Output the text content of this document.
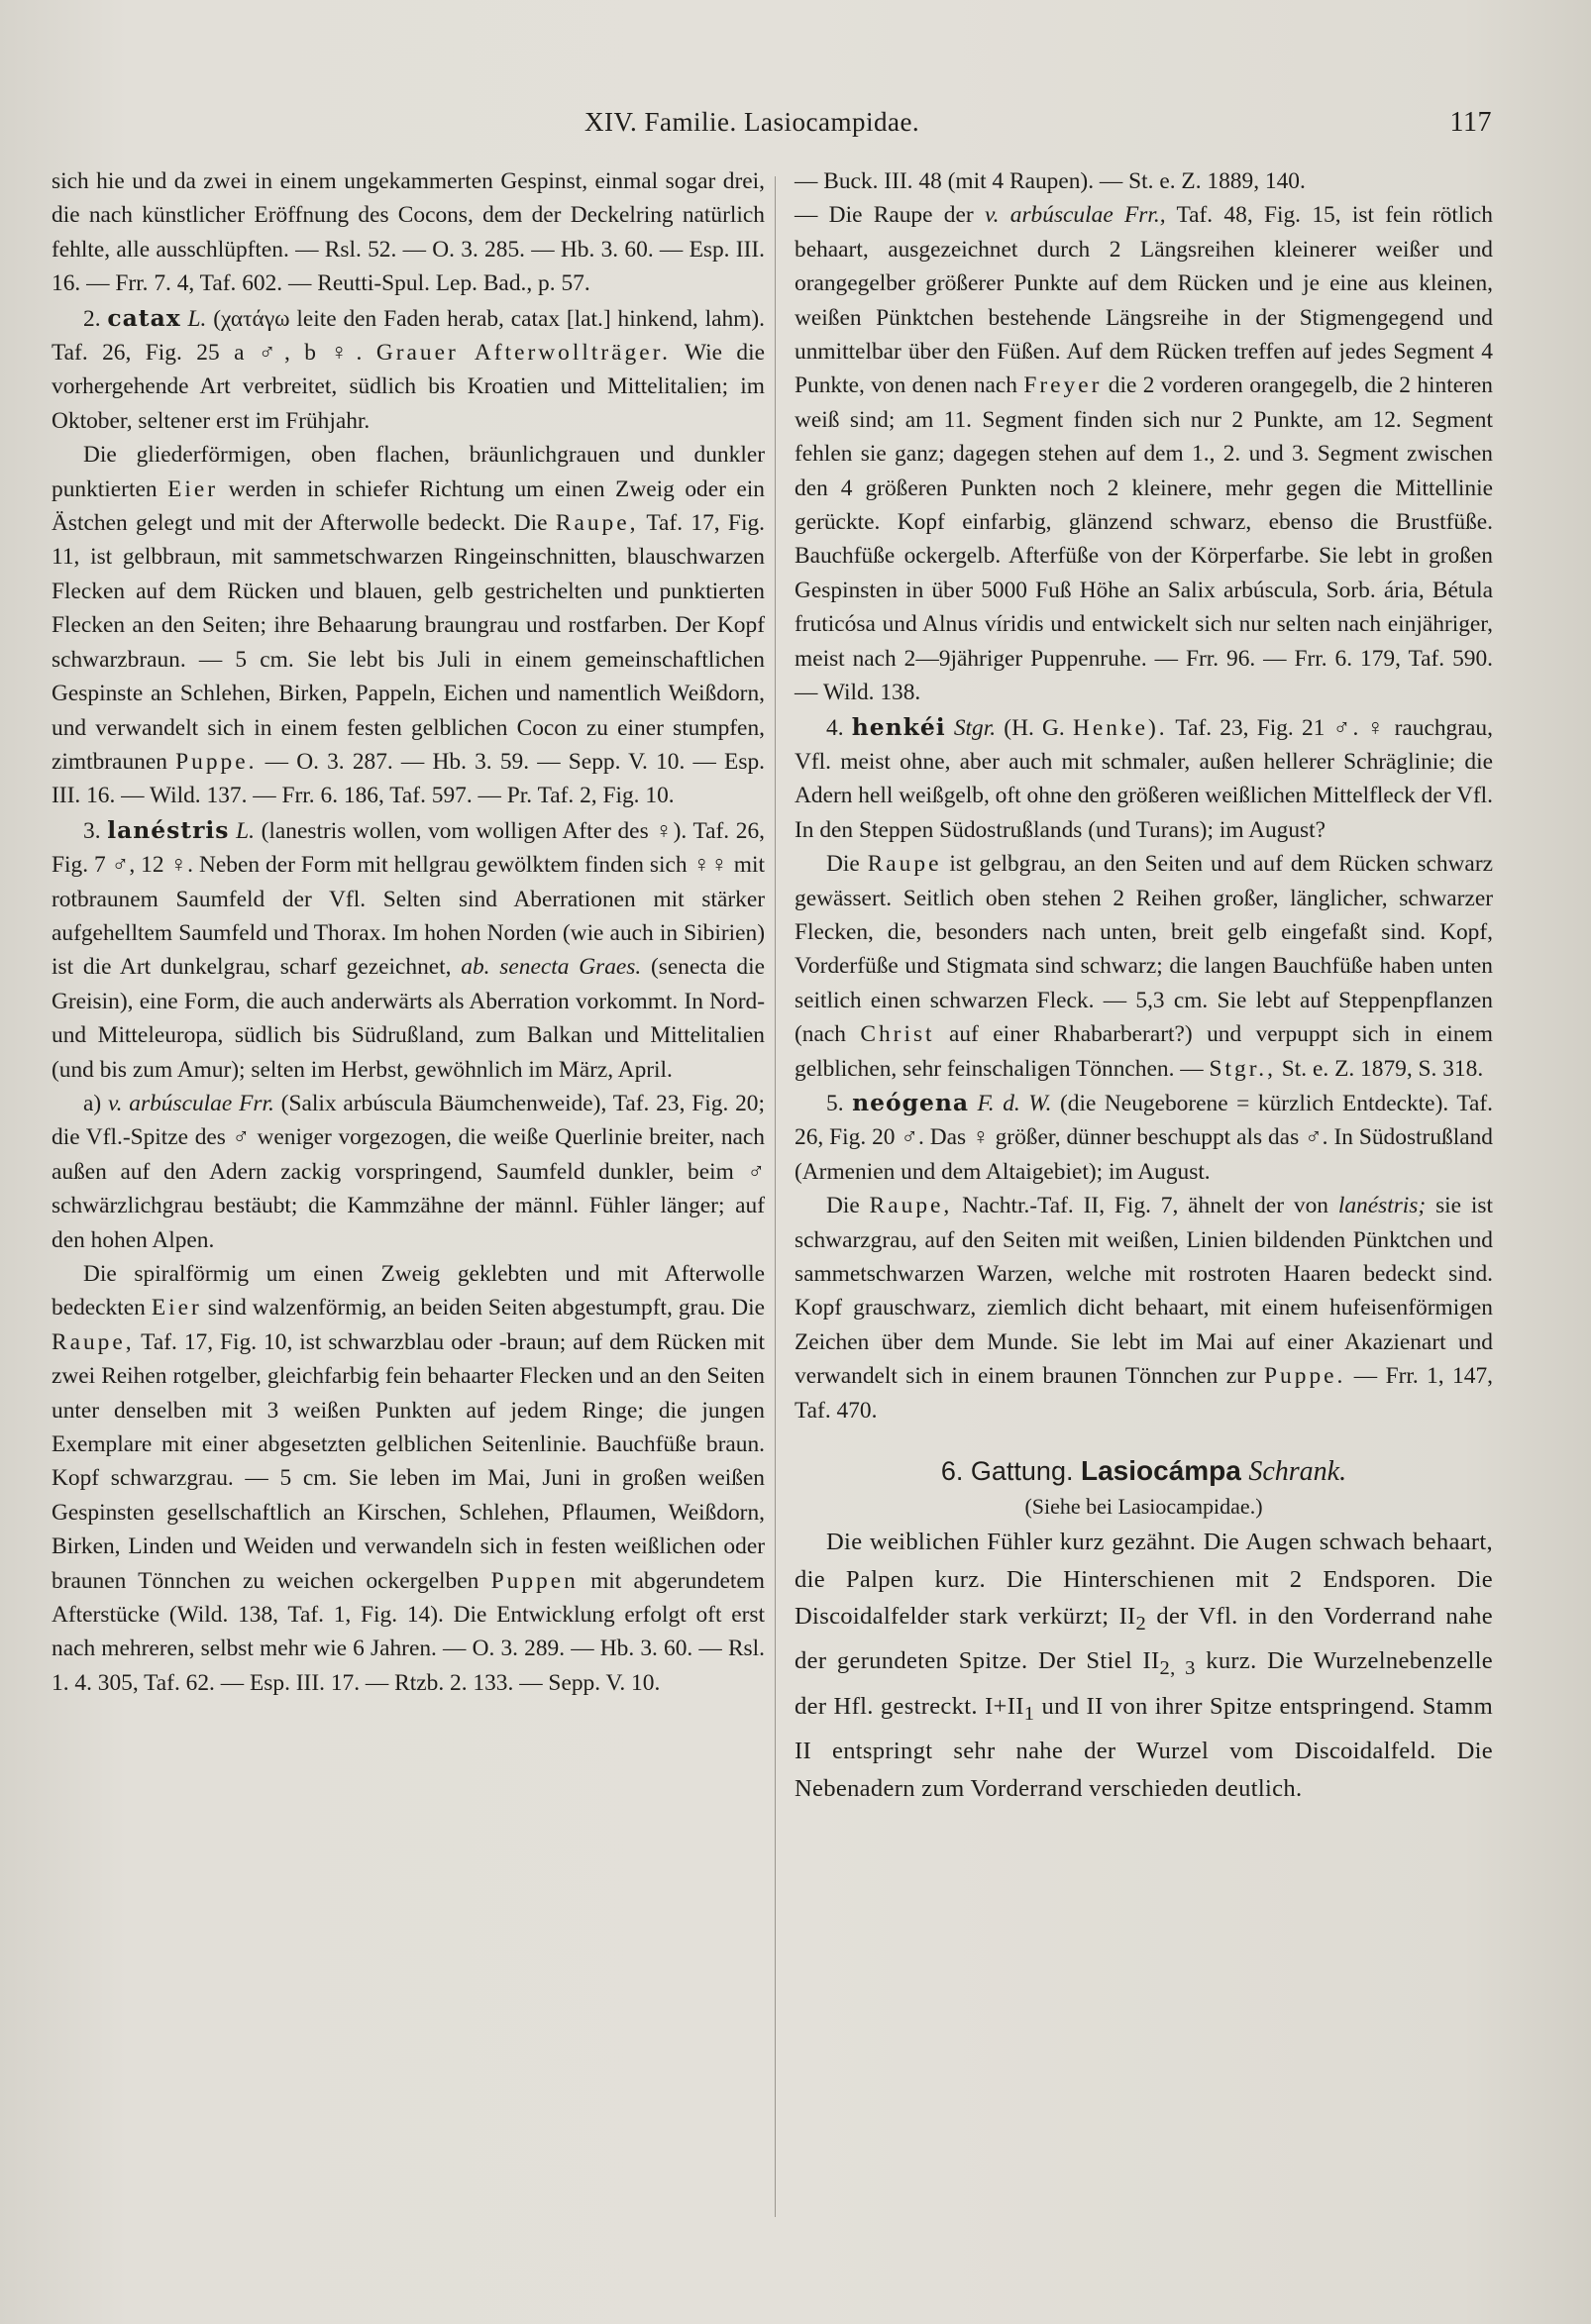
XIV. Familie. Lasiocampidae.	117

sich hie und da zwei in einem ungekammerten Gespinst, einmal sogar drei, die nach künstlicher Eröffnung des Cocons, dem der Deckelring natürlich fehlte, alle ausschlüpften. — Rsl. 52. — O. 3. 285. — Hb. 3. 60. — Esp. III. 16. — Frr. 7. 4, Taf. 602. — Reutti-Spul. Lep. Bad., p. 57.

2. catax L. (χατάγω leite den Faden herab, catax [lat.] hinkend, lahm). Taf. 26, Fig. 25 a ♂, b ♀. Grauer Afterwollträger. Wie die vorhergehende Art verbreitet, südlich bis Kroatien und Mittelitalien; im Oktober, seltener erst im Frühjahr.

Die gliederförmigen, oben flachen, bräunlichgrauen und dunkler punktierten Eier werden in schiefer Richtung um einen Zweig oder ein Ästchen gelegt und mit der Afterwolle bedeckt. Die Raupe, Taf. 17, Fig. 11, ist gelbbraun, mit sammetschwarzen Ringeinschnitten, blauschwarzen Flecken auf dem Rücken und blauen, gelb gestrichelten und punktierten Flecken an den Seiten; ihre Behaarung braungrau und rostfarben. Der Kopf schwarzbraun. — 5 cm. Sie lebt bis Juli in einem gemeinschaftlichen Gespinste an Schlehen, Birken, Pappeln, Eichen und namentlich Weißdorn, und verwandelt sich in einem festen gelblichen Cocon zu einer stumpfen, zimtbraunen Puppe. — O. 3. 287. — Hb. 3. 59. — Sepp. V. 10. — Esp. III. 16. — Wild. 137. — Frr. 6. 186, Taf. 597. — Pr. Taf. 2, Fig. 10.

3. lanéstris L. (lanestris wollen, vom wolligen After des ♀). Taf. 26, Fig. 7 ♂, 12 ♀. Neben der Form mit hellgrau gewölktem finden sich ♀♀ mit rotbraunem Saumfeld der Vfl. Selten sind Aberrationen mit stärker aufgehelltem Saumfeld und Thorax. Im hohen Norden (wie auch in Sibirien) ist die Art dunkelgrau, scharf gezeichnet, ab. senecta Graes. (senecta die Greisin), eine Form, die auch anderwärts als Aberration vorkommt. In Nord- und Mitteleuropa, südlich bis Südrußland, zum Balkan und Mittelitalien (und bis zum Amur); selten im Herbst, gewöhnlich im März, April.

a) v. arbúsculae Frr. (Salix arbúscula Bäumchenweide), Taf. 23, Fig. 20; die Vfl.-Spitze des ♂ weniger vorgezogen, die weiße Querlinie breiter, nach außen auf den Adern zackig vorspringend, Saumfeld dunkler, beim ♂ schwärzlichgrau bestäubt; die Kammzähne der männl. Fühler länger; auf den hohen Alpen.

Die spiralförmig um einen Zweig geklebten und mit Afterwolle bedeckten Eier sind walzenförmig, an beiden Seiten abgestumpft, grau. Die Raupe, Taf. 17, Fig. 10, ist schwarzblau oder -braun; auf dem Rücken mit zwei Reihen rotgelber, gleichfarbig fein behaarter Flecken und an den Seiten unter denselben mit 3 weißen Punkten auf jedem Ringe; die jungen Exemplare mit einer abgesetzten gelblichen Seitenlinie. Bauchfüße braun. Kopf schwarzgrau. — 5 cm. Sie leben im Mai, Juni in großen weißen Gespinsten gesellschaftlich an Kirschen, Schlehen, Pflaumen, Weißdorn, Birken, Linden und Weiden und verwandeln sich in festen weißlichen oder braunen Tönnchen zu weichen ockergelben Puppen mit abgerundetem Afterstücke (Wild. 138, Taf. 1, Fig. 14). Die Entwicklung erfolgt oft erst nach mehreren, selbst mehr wie 6 Jahren. — O. 3. 289. — Hb. 3. 60. — Rsl. 1. 4. 305, Taf. 62. — Esp. III. 17. — Rtzb. 2. 133. — Sepp. V. 10.

— Buck. III. 48 (mit 4 Raupen). — St. e. Z. 1889, 140.

— Die Raupe der v. arbúsculae Frr., Taf. 48, Fig. 15, ist fein rötlich behaart, ausgezeichnet durch 2 Längsreihen kleinerer weißer und orangegelber größerer Punkte auf dem Rücken und je eine aus kleinen, weißen Pünktchen bestehende Längsreihe in der Stigmengegend und unmittelbar über den Füßen. Auf dem Rücken treffen auf jedes Segment 4 Punkte, von denen nach Freyer die 2 vorderen orangegelb, die 2 hinteren weiß sind; am 11. Segment finden sich nur 2 Punkte, am 12. Segment fehlen sie ganz; dagegen stehen auf dem 1., 2. und 3. Segment zwischen den 4 größeren Punkten noch 2 kleinere, mehr gegen die Mittellinie gerückte. Kopf einfarbig, glänzend schwarz, ebenso die Brustfüße. Bauchfüße ockergelb. Afterfüße von der Körperfarbe. Sie lebt in großen Gespinsten in über 5000 Fuß Höhe an Salix arbúscula, Sorb. ária, Bétula fruticósa und Alnus víridis und entwickelt sich nur selten nach einjähriger, meist nach 2—9jähriger Puppenruhe. — Frr. 96. — Frr. 6. 179, Taf. 590. — Wild. 138.

4. henkéi Stgr. (H. G. Henke). Taf. 23, Fig. 21 ♂. ♀ rauchgrau, Vfl. meist ohne, aber auch mit schmaler, außen hellerer Schräglinie; die Adern hell weißgelb, oft ohne den größeren weißlichen Mittelfleck der Vfl. In den Steppen Südostrußlands (und Turans); im August?

Die Raupe ist gelbgrau, an den Seiten und auf dem Rücken schwarz gewässert. Seitlich oben stehen 2 Reihen großer, länglicher, schwarzer Flecken, die, besonders nach unten, breit gelb eingefaßt sind. Kopf, Vorderfüße und Stigmata sind schwarz; die langen Bauchfüße haben unten seitlich einen schwarzen Fleck. — 5,3 cm. Sie lebt auf Steppenpflanzen (nach Christ auf einer Rhabarberart?) und verpuppt sich in einem gelblichen, sehr feinschaligen Tönnchen. — Stgr., St. e. Z. 1879, S. 318.

5. neógena F. d. W. (die Neugeborene = kürzlich Entdeckte). Taf. 26, Fig. 20 ♂. Das ♀ größer, dünner beschuppt als das ♂. In Südostrußland (Armenien und dem Altaigebiet); im August.

Die Raupe, Nachtr.-Taf. II, Fig. 7, ähnelt der von lanéstris; sie ist schwarzgrau, auf den Seiten mit weißen, Linien bildenden Pünktchen und sammetschwarzen Warzen, welche mit rostroten Haaren bedeckt sind. Kopf grauschwarz, ziemlich dicht behaart, mit einem hufeisenförmigen Zeichen über dem Munde. Sie lebt im Mai auf einer Akazienart und verwandelt sich in einem braunen Tönnchen zur Puppe. — Frr. 1, 147, Taf. 470.

6. Gattung. Lasiocámpa Schrank.
(Siehe bei Lasiocampidae.)

Die weiblichen Fühler kurz gezähnt. Die Augen schwach behaart, die Palpen kurz. Die Hinterschienen mit 2 Endsporen. Die Discoidalfelder stark verkürzt; $II_2$ der Vfl. in den Vorderrand nahe der gerundeten Spitze. Der Stiel $II_{2, 3}$ kurz. Die Wurzelnebenzelle der Hfl. gestreckt. $I+II_1$ und II von ihrer Spitze entspringend. Stamm II entspringt sehr nahe der Wurzel vom Discoidalfeld. Die Nebenadern zum Vorderrand verschieden deutlich.
